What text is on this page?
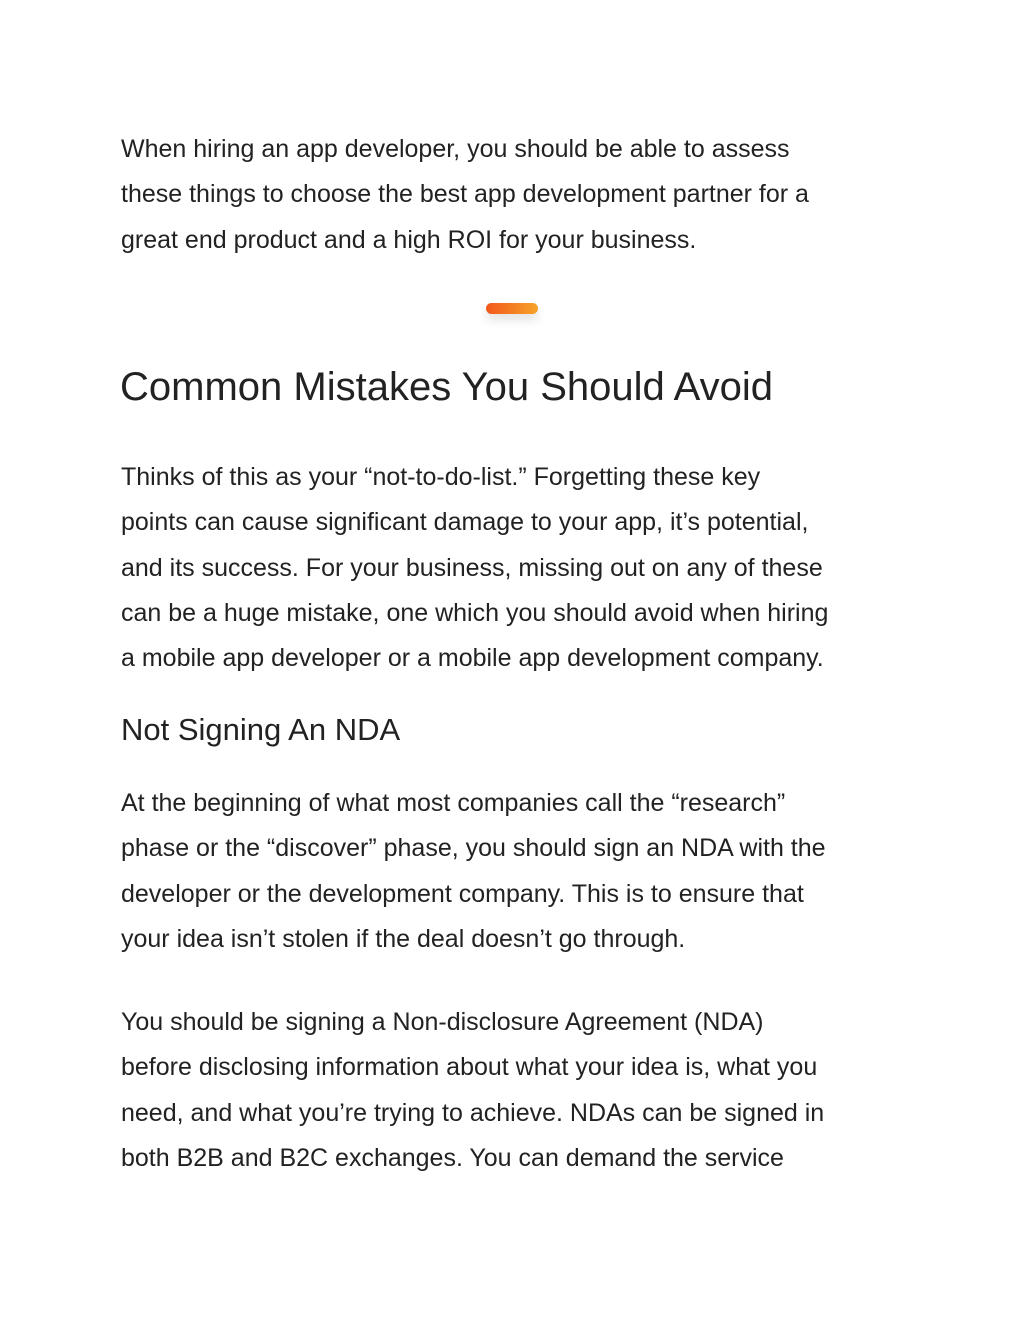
When hiring an app developer, you should be able to assess
these things to choose the best app development partner for a
great end product and a high ROI for your business.

Common Mistakes You Should Avoid

Thinks of this as your “not-to-do-list.” Forgetting these key
points can cause significant damage to your app, it’s potential,
and its success. For your business, missing out on any of these
can be a huge mistake, one which you should avoid when hiring
a mobile app developer or a mobile app development company.

Not Signing An NDA

At the beginning of what most companies call the “research”
phase or the “discover” phase, you should sign an NDA with the
developer or the development company. This is to ensure that
your idea isn’t stolen if the deal doesn’t go through.

You should be signing a Non-disclosure Agreement (NDA)
before disclosing information about what your idea is, what you
need, and what you’re trying to achieve. NDAs can be signed in
both B2B and B2C exchanges. You can demand the service
